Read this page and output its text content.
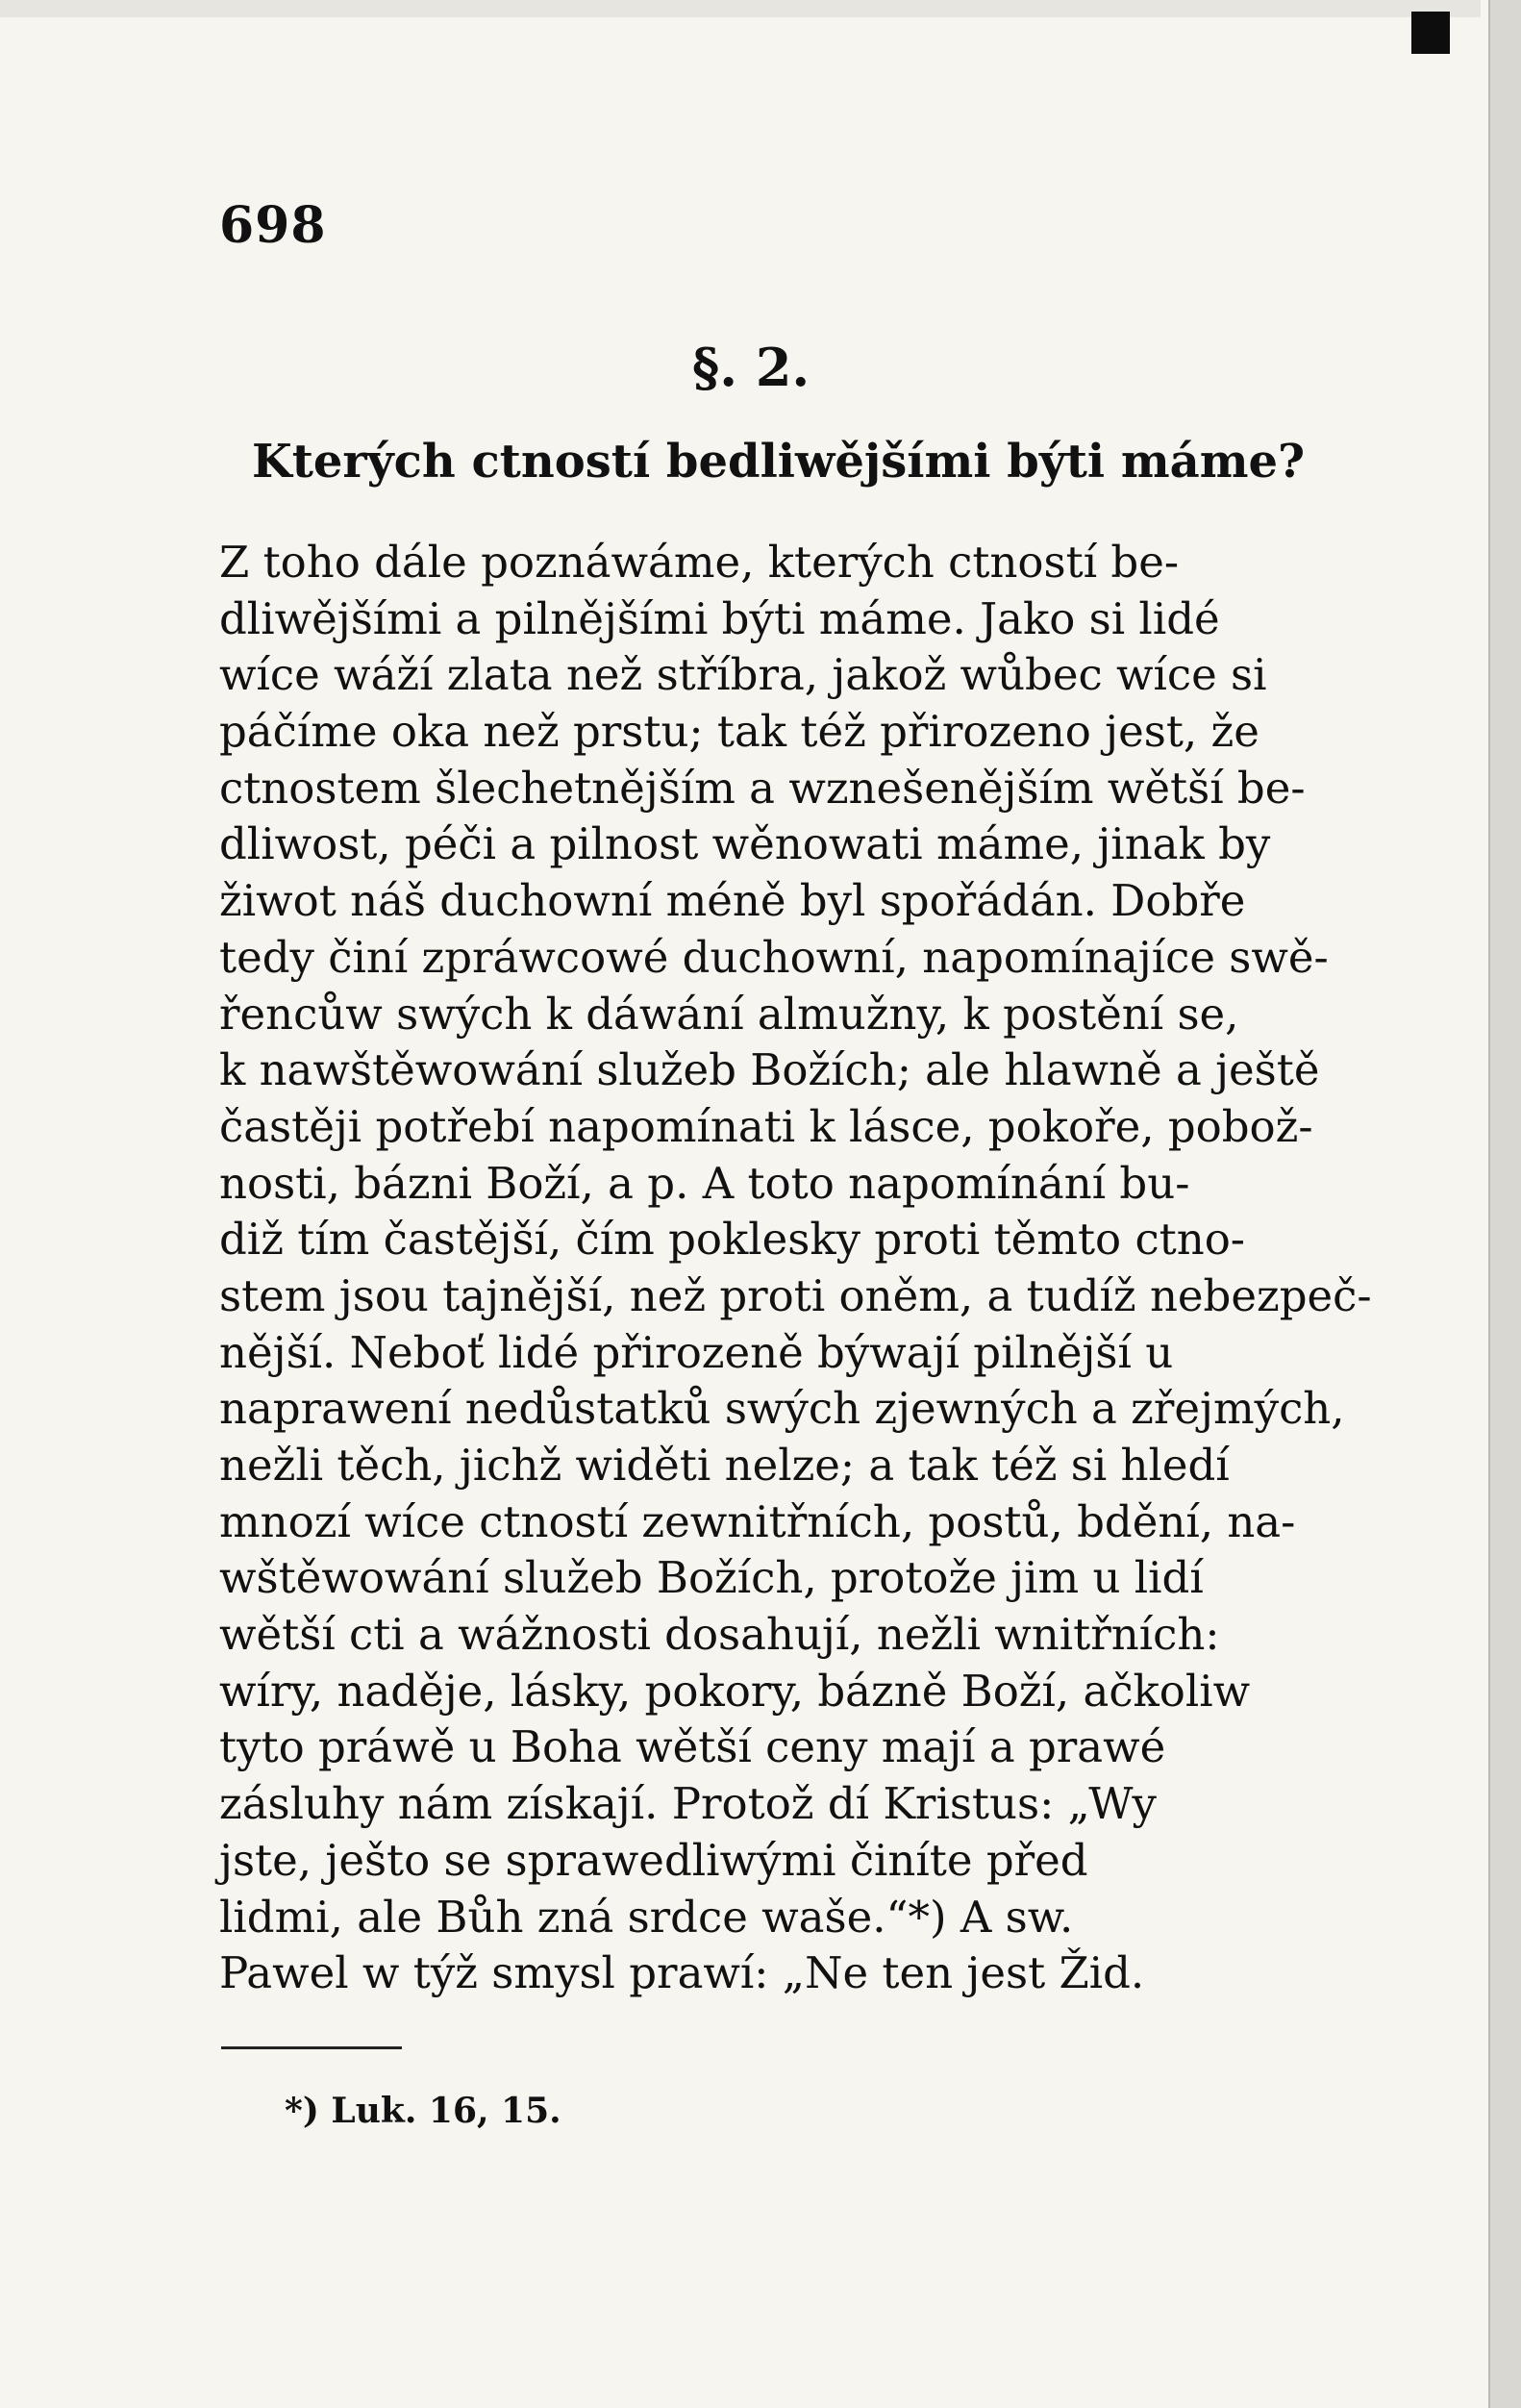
698
§. 2.
Kterých ctností bedliwějšími býti máme?
Z toho dále poznáwáme, kterých ctností be-
dliwějšími a pilnějšími býti máme. Jako si lidé
wíce wáží zlata než stříbra, jakož wůbec wíce si
páčíme oka než prstu; tak též přirozeno jest, že
ctnostem šlechetnějším a wznešenějším wětší be-
dliwost, péči a pilnost wěnowati máme, jinak by
žiwot náš duchowní méně byl spořádán. Dobře
tedy činí zpráwcowé duchowní, napomínajíce swě-
řencůw swých k dáwání almužny, k postění se,
k nawštěwowání služeb Božích; ale hlawně a ještě
častěji potřebí napomínati k lásce, pokoře, pobož-
nosti, bázni Boží, a p. A toto napomínání bu-
diž tím častější, čím poklesky proti těmto ctno-
stem jsou tajnější, než proti oněm, a tudíž nebezpeč-
nější. Neboť lidé přirozeně býwají pilnější u
naprawení nedůstatků swých zjewných a zřejmých,
nežli těch, jichž widěti nelze; a tak též si hledí
mnozí wíce ctností zewnitřních, postů, bdění, na-
wštěwowání služeb Božích, protože jim u lidí
wětší cti a wážnosti dosahují, nežli wnitřních:
wíry, naděje, lásky, pokory, bázně Boží, ačkoliw
tyto práwě u Boha wětší ceny mají a prawé
zásluhy nám získají. Protož dí Kristus: „Wy
jste, ješto se sprawedliwými činíte před
lidmi, ale Bůh zná srdce waše.“*) A sw.
Pawel w týž smysl prawí: „Ne ten jest Žid.
*) Luk. 16, 15.
